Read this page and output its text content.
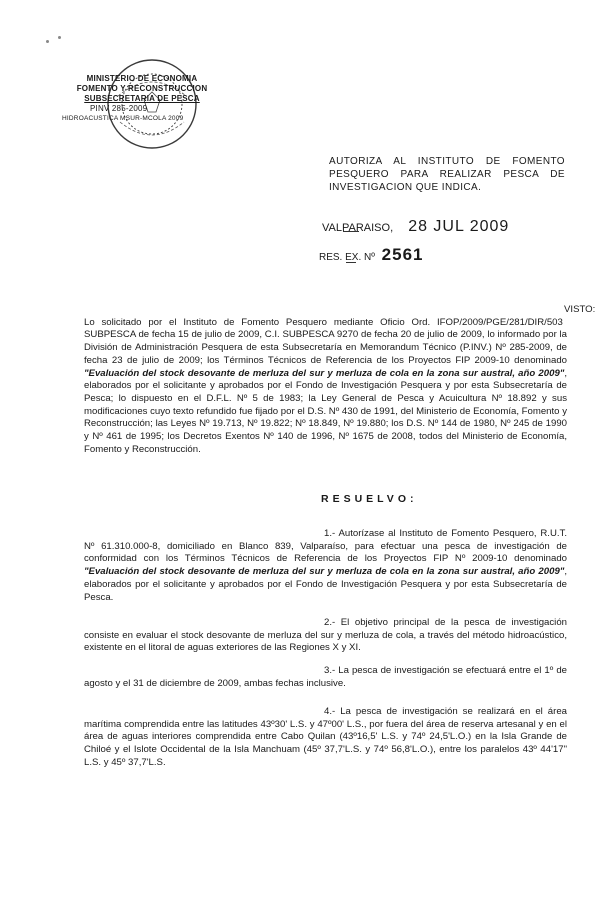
MINISTERIO DE ECONOMIA
FOMENTO Y RECONSTRUCCION
SUBSECRETARIA DE PESCA
PINV 285-2009
HIDROACUSTICA MSUR-MCOLA 2009
AUTORIZA AL INSTITUTO DE FOMENTO PESQUERO PARA REALIZAR PESCA DE INVESTIGACION QUE INDICA.
VALPARAISO, 28 JUL 2009
RES. EX. Nº 2561
VISTO: Lo solicitado por el Instituto de Fomento Pesquero mediante Oficio Ord. IFOP/2009/PGE/281/DIR/503 SUBPESCA de fecha 15 de julio de 2009, C.I. SUBPESCA 9270 de fecha 20 de julio de 2009, lo informado por la División de Administración Pesquera de esta Subsecretaría en Memorandum Técnico (P.INV.) Nº 285-2009, de fecha 23 de julio de 2009; los Términos Técnicos de Referencia de los Proyectos FIP 2009-10 denominado "Evaluación del stock desovante de merluza del sur y merluza de cola en la zona sur austral, año 2009", elaborados por el solicitante y aprobados por el Fondo de Investigación Pesquera y por esta Subsecretaría de Pesca; lo dispuesto en el D.F.L. Nº 5 de 1983; la Ley General de Pesca y Acuicultura Nº 18.892 y sus modificaciones cuyo texto refundido fue fijado por el D.S. Nº 430 de 1991, del Ministerio de Economía, Fomento y Reconstrucción; las Leyes Nº 19.713, Nº 19.822; Nº 18.849, Nº 19.880; los D.S. Nº 144 de 1980, Nº 245 de 1990 y Nº 461 de 1995; los Decretos Exentos Nº 140 de 1996, Nº 1675 de 2008, todos del Ministerio de Economía, Fomento y Reconstrucción.
RESUELVO:
1.- Autorízase al Instituto de Fomento Pesquero, R.U.T. Nº 61.310.000-8, domiciliado en Blanco 839, Valparaíso, para efectuar una pesca de investigación de conformidad con los Términos Técnicos de Referencia de los Proyectos FIP Nº 2009-10 denominado "Evaluación del stock desovante de merluza del sur y merluza de cola en la zona sur austral, año 2009", elaborados por el solicitante y aprobados por el Fondo de Investigación Pesquera y por esta Subsecretaría de Pesca.
2.- El objetivo principal de la pesca de investigación consiste en evaluar el stock desovante de merluza del sur y merluza de cola, a través del método hidroacústico, existente en el litoral de aguas exteriores de las Regiones X y XI.
3.- La pesca de investigación se efectuará entre el 1º de agosto y el 31 de diciembre de 2009, ambas fechas inclusive.
4.- La pesca de investigación se realizará en el área marítima comprendida entre las latitudes 43º30' L.S. y 47º00' L.S., por fuera del área de reserva artesanal y en el área de aguas interiores comprendida entre Cabo Quilan (43º16,5' L.S. y 74º 24,5'L.O.) en la Isla Grande de Chiloé y el Islote Occidental de la Isla Manchuam (45º 37,7'L.S. y 74º 56,8'L.O.), entre los paralelos 43º 44'17" L.S. y 45º 37,7'L.S.
